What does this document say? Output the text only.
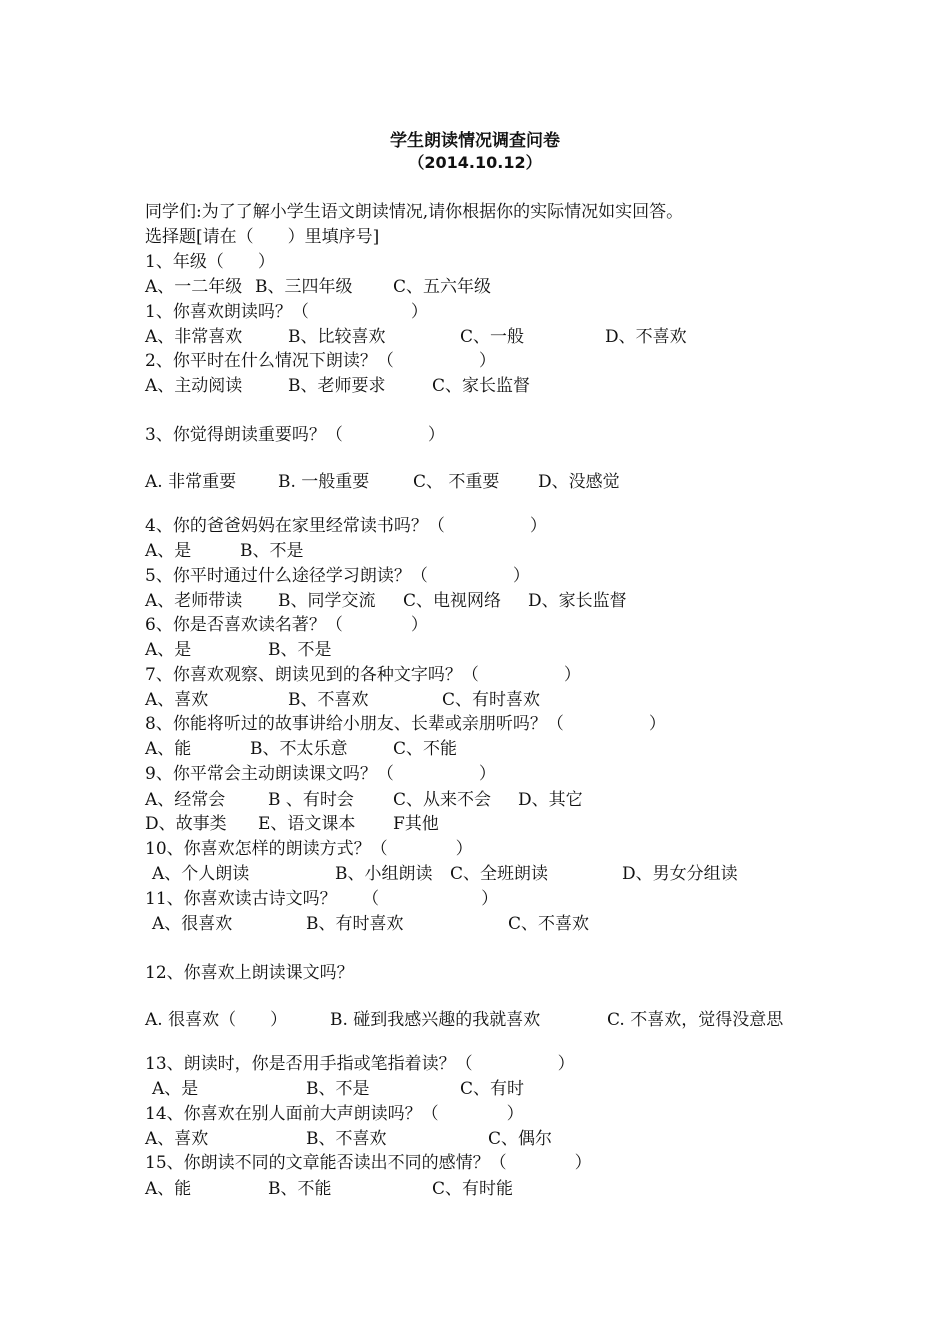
学生朗读情况调查问卷
（2014.10.12）
同学们:为了了解小学生语文朗读情况,请你根据你的实际情况如实回答。
选择题[请在（　　）里填序号]
1、年级（　　）
A、一二年级 B、三四年级 C、五六年级
1、你喜欢朗读吗？（　　　　　　）
A、非常喜欢	B、比较喜欢	C、一般	D、不喜欢
2、你平时在什么情况下朗读？（　　　　　）
A、主动阅读	B、老师要求	C、家长监督
3、你觉得朗读重要吗？（　　　　　）
A. 非常重要 B. 一般重要	C、 不重要 D、没感觉
4、你的爸爸妈妈在家里经常读书吗？（　　　　　）
A、是	B、不是
5、你平时通过什么途径学习朗读？（　　　　　）
A、老师带读 B、同学交流 C、电视网络 D、家长监督
6、你是否喜欢读名著？（　　　　）
A、是	B、不是
7、你喜欢观察、朗读见到的各种文字吗？（　　　　　）
A、喜欢	B、不喜欢	C、有时喜欢
8、你能将听过的故事讲给小朋友、长辈或亲朋听吗？（　　　　　）
A、能	B、不太乐意	C、不能
9、你平常会主动朗读课文吗？（　　　　　）
A、经常会	B 、有时会 C、从来不会 D、其它
D、故事类 E、语文课本 F其他
10、你喜欢怎样的朗读方式？（　　　　）
A、个人朗读	B、小组朗读 C、全班朗读	D、男女分组读
11、你喜欢读古诗文吗？　　（　　　　　　）
A、很喜欢	B、有时喜欢	C、不喜欢
12、你喜欢上朗读课文吗？
A. 很喜欢（　　）	B. 碰到我感兴趣的我就喜欢	C. 不喜欢，觉得没意思
13、朗读时，你是否用手指或笔指着读？（　　　　　）
A、是	B、不是	C、有时
14、你喜欢在别人面前大声朗读吗？（　　　　）
A、喜欢	B、不喜欢	C、偶尔
15、你朗读不同的文章能否读出不同的感情？（　　　　）
A、能	B、不能	C、有时能
